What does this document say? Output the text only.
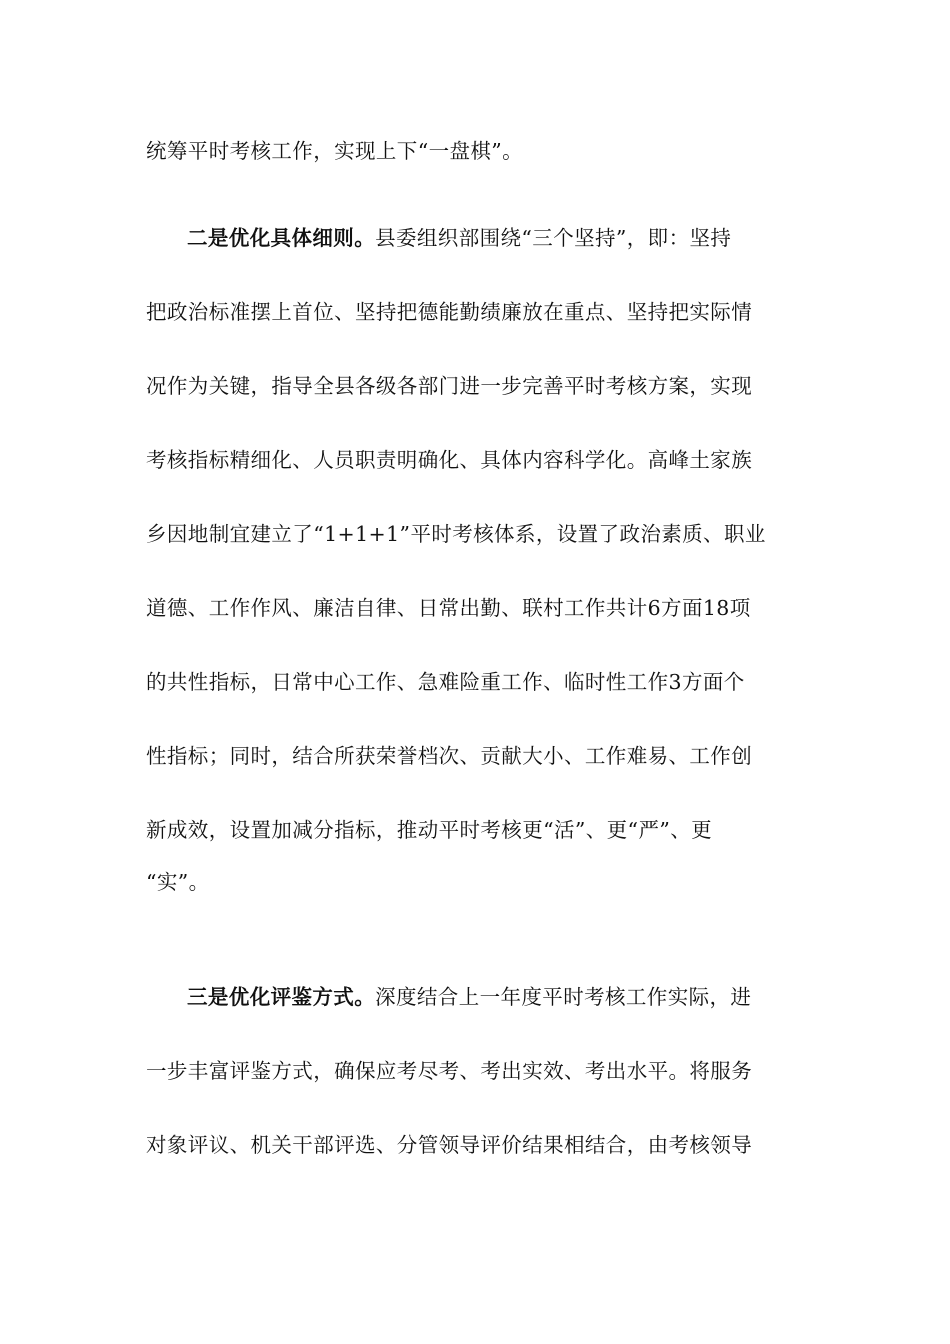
统筹平时考核工作，实现上下“一盘棋”。
二是优化具体细则。县委组织部围绕“三个坚持”，即：坚持
把政治标准摆上首位、坚持把德能勤绩廉放在重点、坚持把实际情
况作为关键，指导全县各级各部门进一步完善平时考核方案，实现
考核指标精细化、人员职责明确化、具体内容科学化。高峰土家族
乡因地制宜建立了“1+1+1”平时考核体系，设置了政治素质、职业
道德、工作作风、廉洁自律、日常出勤、联村工作共计6方面18项
的共性指标，日常中心工作、急难险重工作、临时性工作3方面个
性指标；同时，结合所获荣誉档次、贡献大小、工作难易、工作创
新成效，设置加减分指标，推动平时考核更“活”、更“严”、更
“实”。
三是优化评鉴方式。深度结合上一年度平时考核工作实际，进
一步丰富评鉴方式，确保应考尽考、考出实效、考出水平。将服务
对象评议、机关干部评选、分管领导评价结果相结合，由考核领导
